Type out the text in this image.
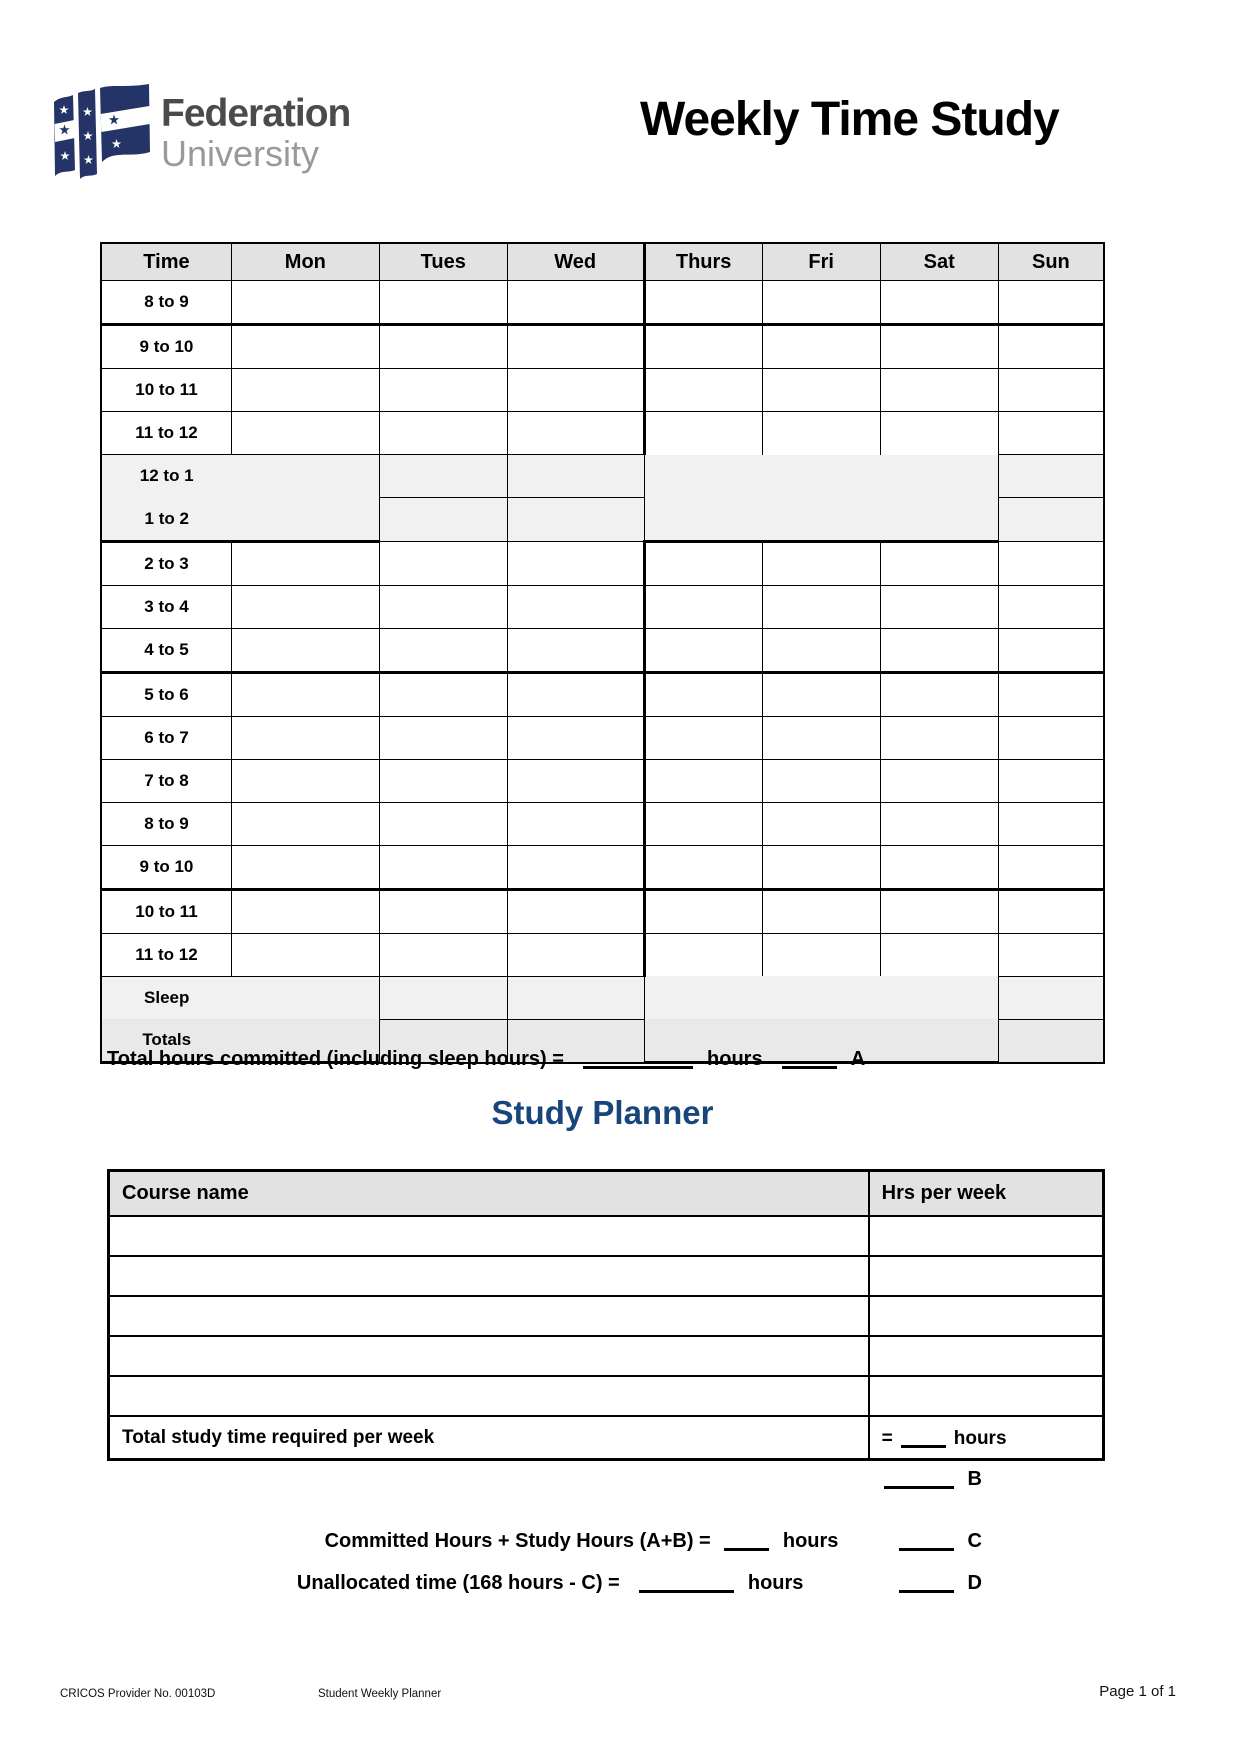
Federation
University
Weekly Time Study
Time	Mon	Tues	Wed	Thurs	Fri	Sat	Sun
8 to 9							
9 to 10							
10 to 11							
11 to 12							
12 to 1							
1 to 2							
2 to 3							
3 to 4							
4 to 5							
5 to 6							
6 to 7							
7 to 8							
8 to 9							
9 to 10							
10 to 11							
11 to 12							
Sleep							
Totals							
Total hours committed (including sleep hours) =	hours	A
Study Planner
Course name	Hrs per week

Total study time required per week	= hours
B
Committed Hours + Study Hours (A+B) =	hours	C
Unallocated time (168 hours - C) =	hours	D
CRICOS Provider No. 00103D	Student Weekly Planner	Page 1 of 1
